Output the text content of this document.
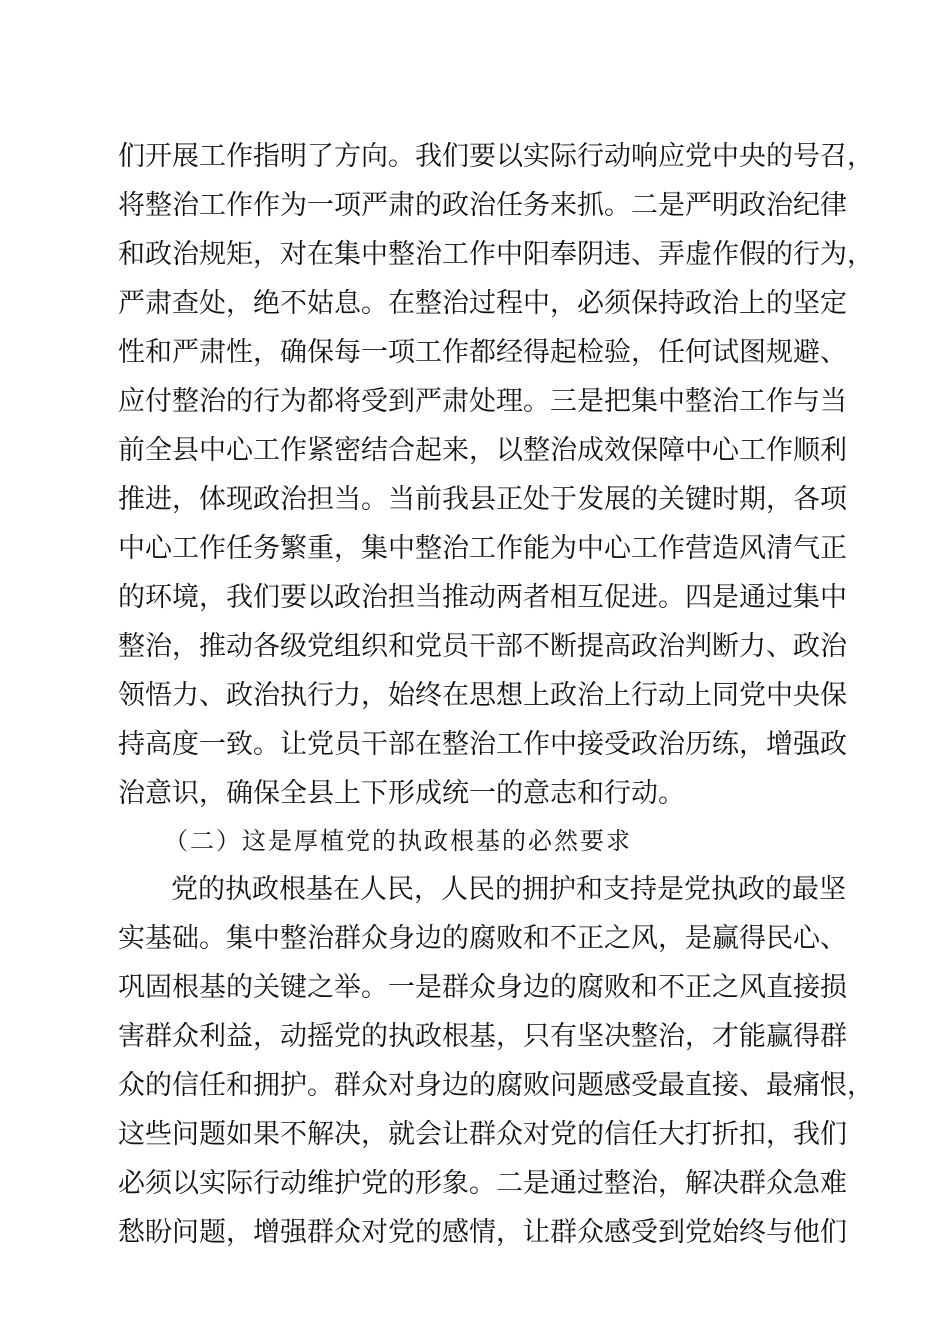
们开展工作指明了方向。我们要以实际行动响应党中央的号召，
将整治工作作为一项严肃的政治任务来抓。二是严明政治纪律
和政治规矩，对在集中整治工作中阳奉阴违、弄虚作假的行为，
严肃查处，绝不姑息。在整治过程中，必须保持政治上的坚定
性和严肃性，确保每一项工作都经得起检验，任何试图规避、
应付整治的行为都将受到严肃处理。三是把集中整治工作与当
前全县中心工作紧密结合起来，以整治成效保障中心工作顺利
推进，体现政治担当。当前我县正处于发展的关键时期，各项
中心工作任务繁重，集中整治工作能为中心工作营造风清气正
的环境，我们要以政治担当推动两者相互促进。四是通过集中
整治，推动各级党组织和党员干部不断提高政治判断力、政治
领悟力、政治执行力，始终在思想上政治上行动上同党中央保
持高度一致。让党员干部在整治工作中接受政治历练，增强政
治意识，确保全县上下形成统一的意志和行动。
（二）这是厚植党的执政根基的必然要求
党的执政根基在人民，人民的拥护和支持是党执政的最坚
实基础。集中整治群众身边的腐败和不正之风，是赢得民心、
巩固根基的关键之举。一是群众身边的腐败和不正之风直接损
害群众利益，动摇党的执政根基，只有坚决整治，才能赢得群
众的信任和拥护。群众对身边的腐败问题感受最直接、最痛恨，
这些问题如果不解决，就会让群众对党的信任大打折扣，我们
必须以实际行动维护党的形象。二是通过整治，解决群众急难
愁盼问题，增强群众对党的感情，让群众感受到党始终与他们
